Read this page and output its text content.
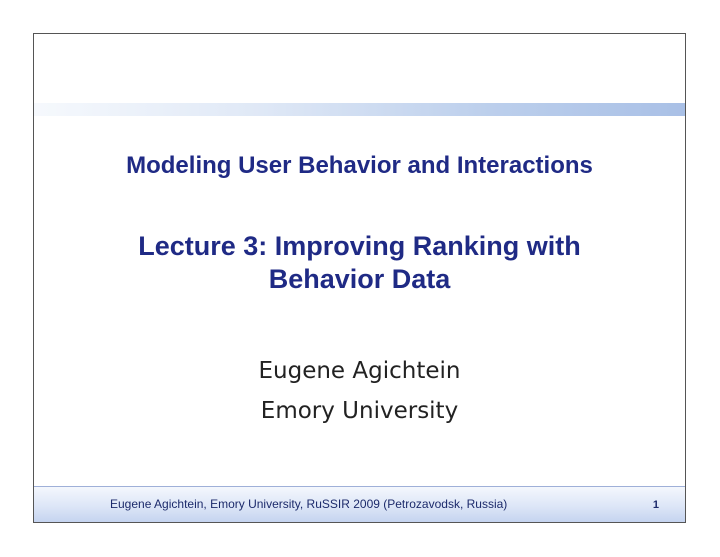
Modeling User Behavior and Interactions
Lecture 3: Improving Ranking with
Behavior Data
Eugene Agichtein
Emory University
Eugene Agichtein, Emory University, RuSSIR 2009 (Petrozavodsk, Russia)	1
